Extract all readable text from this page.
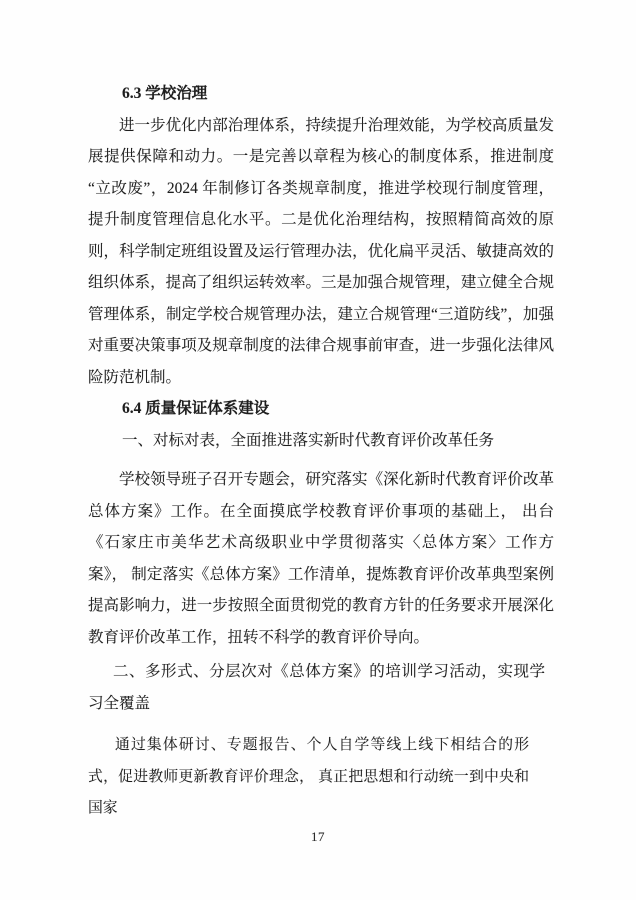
6.3 学校治理

进一步优化内部治理体系，持续提升治理效能，为学校高质量发展提供保障和动力。一是完善以章程为核心的制度体系，推进制度“立改废”，2024 年制修订各类规章制度，推进学校现行制度管理，提升制度管理信息化水平。二是优化治理结构，按照精简高效的原则，科学制定班组设置及运行管理办法，优化扁平灵活、敏捷高效的组织体系，提高了组织运转效率。三是加强合规管理，建立健全合规管理体系，制定学校合规管理办法，建立合规管理“三道防线”，加强对重要决策事项及规章制度的法律合规事前审查，进一步强化法律风险防范机制。

6.4 质量保证体系建设

一、对标对表，全面推进落实新时代教育评价改革任务

学校领导班子召开专题会，研究落实《深化新时代教育评价改革总体方案》工作。在全面摸底学校教育评价事项的基础上， 出台 《石家庄市美华艺术高级职业中学贯彻落实〈总体方案〉工作方案》， 制定落实《总体方案》工作清单，提炼教育评价改革典型案例提高影响力，进一步按照全面贯彻党的教育方针的任务要求开展深化教育评价改革工作，扭转不科学的教育评价导向。

二、多形式、分层次对《总体方案》的培训学习活动，实现学习全覆盖

通过集体研讨、专题报告、个人自学等线上线下相结合的形式，促进教师更新教育评价理念， 真正把思想和行动统一到中央和国家

17
